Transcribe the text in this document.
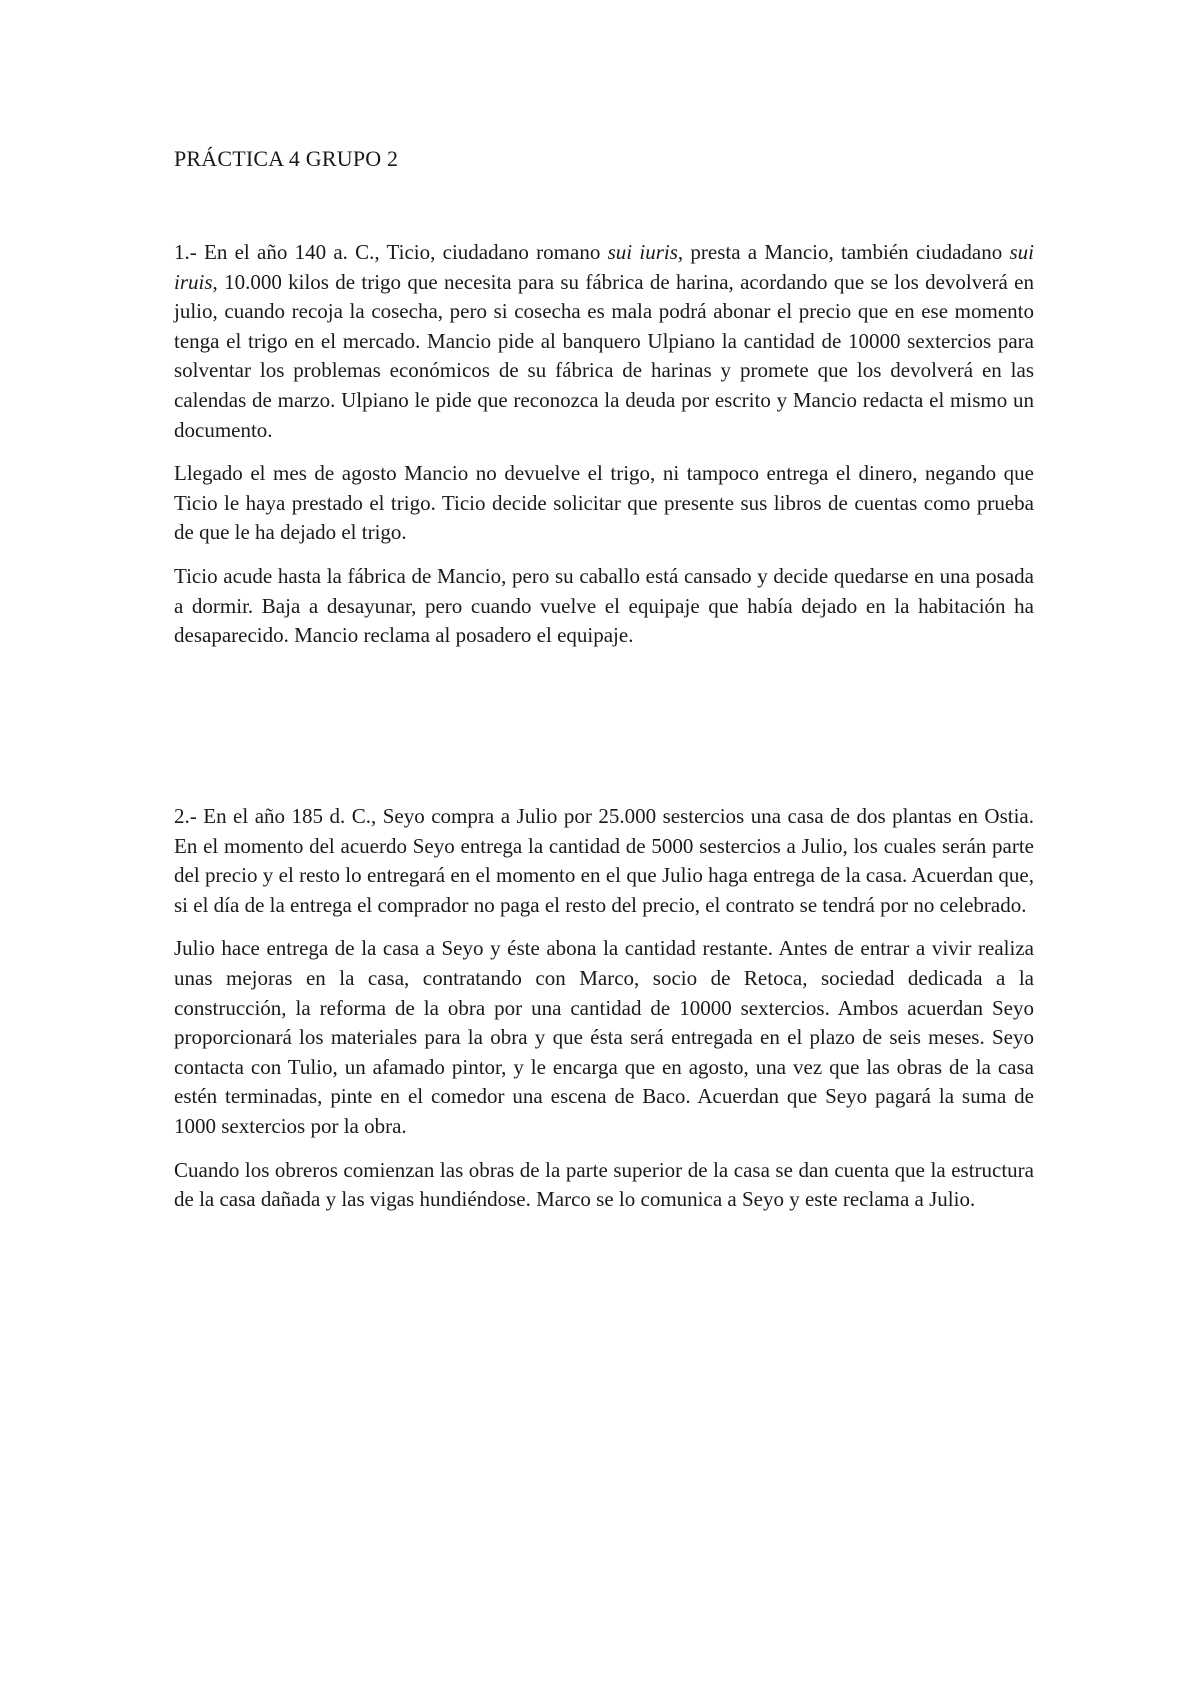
PRÁCTICA 4 GRUPO 2

1.- En el año 140 a. C., Ticio, ciudadano romano sui iuris, presta a Mancio, también ciudadano sui iruis, 10.000 kilos de trigo que necesita para su fábrica de harina, acordando que se los devolverá en julio, cuando recoja la cosecha, pero si cosecha es mala podrá abonar el precio que en ese momento tenga el trigo en el mercado. Mancio pide al banquero Ulpiano la cantidad de 10000 sextercios para solventar los problemas económicos de su fábrica de harinas y promete que los devolverá en las calendas de marzo. Ulpiano le pide que reconozca la deuda por escrito y Mancio redacta el mismo un documento.

Llegado el mes de agosto Mancio no devuelve el trigo, ni tampoco entrega el dinero, negando que Ticio le haya prestado el trigo. Ticio decide solicitar que presente sus libros de cuentas como prueba de que le ha dejado el trigo.

Ticio acude hasta la fábrica de Mancio, pero su caballo está cansado y decide quedarse en una posada a dormir. Baja a desayunar, pero cuando vuelve el equipaje que había dejado en la habitación ha desaparecido. Mancio reclama al posadero el equipaje.

2.- En el año 185 d. C., Seyo compra a Julio por 25.000 sestercios una casa de dos plantas en Ostia. En el momento del acuerdo Seyo entrega la cantidad de 5000 sestercios a Julio, los cuales serán parte del precio y el resto lo entregará en el momento en el que Julio haga entrega de la casa. Acuerdan que, si el día de la entrega el comprador no paga el resto del precio, el contrato se tendrá por no celebrado.

Julio hace entrega de la casa a Seyo y éste abona la cantidad restante. Antes de entrar a vivir realiza unas mejoras en la casa, contratando con Marco, socio de Retoca, sociedad dedicada a la construcción, la reforma de la obra por una cantidad de 10000 sextercios. Ambos acuerdan Seyo proporcionará los materiales para la obra y que ésta será entregada en el plazo de seis meses. Seyo contacta con Tulio, un afamado pintor, y le encarga que en agosto, una vez que las obras de la casa estén terminadas, pinte en el comedor una escena de Baco. Acuerdan que Seyo pagará la suma de 1000 sextercios por la obra.

Cuando los obreros comienzan las obras de la parte superior de la casa se dan cuenta que la estructura de la casa dañada y las vigas hundiéndose. Marco se lo comunica a Seyo y este reclama a Julio.
